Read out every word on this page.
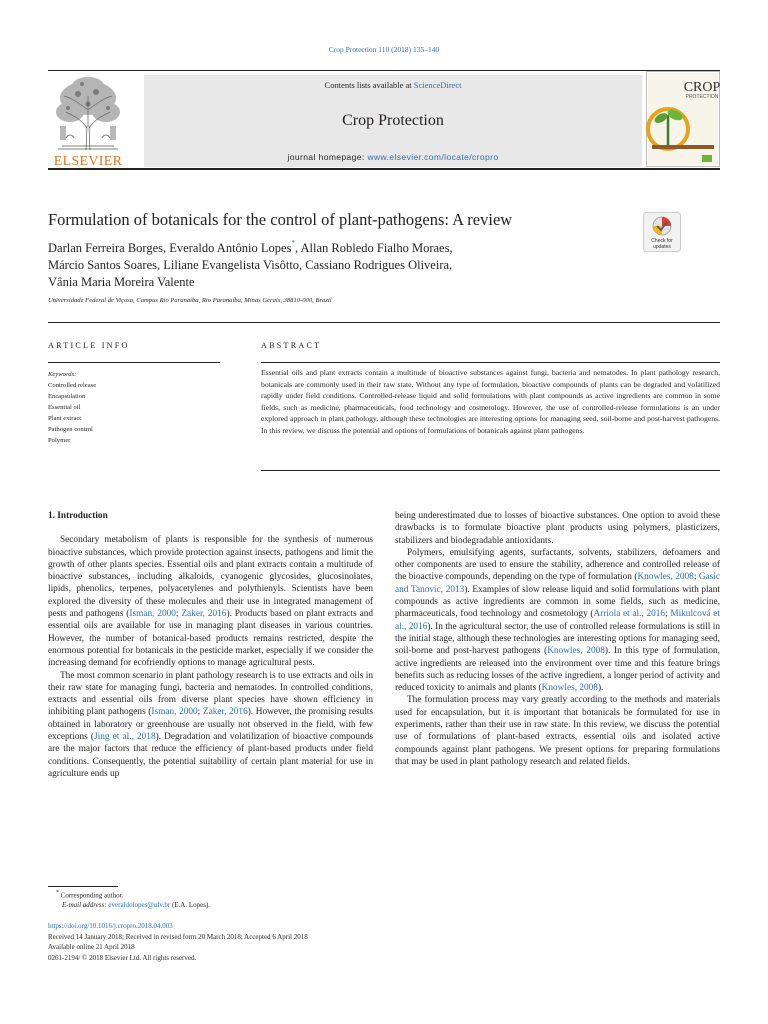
Crop Protection 110 (2018) 135–140
ELSEVIER
Contents lists available at ScienceDirect
Crop Protection
journal homepage: www.elsevier.com/locate/cropro
CROP
PROTECTION
Formulation of botanicals for the control of plant-pathogens: A review
Check for
updates
Darlan Ferreira Borges, Everaldo Antônio Lopes*, Allan Robledo Fialho Moraes,
Márcio Santos Soares, Liliane Evangelista Visôtto, Cassiano Rodrigues Oliveira,
Vânia Maria Moreira Valente
Universidade Federal de Viçosa, Campus Rio Paranaíba, Rio Paranaíba, Minas Gerais, 38810-000, Brazil
ARTICLE INFO	ABSTRACT
Keywords:
Controlled release
Encapsulation
Essential oil
Plant extract
Pathogen control
Polymer
Essential oils and plant extracts contain a multitude of bioactive substances against fungi, bacteria and nematodes. In plant pathology research, botanicals are commonly used in their raw state. Without any type of formulation, bioactive compounds of plants can be degraded and volatilized rapidly under field conditions. Controlled-release liquid and solid formulations with plant compounds as active ingredients are common in some fields, such as medicine, pharmaceuticals, food technology and cosmetology. However, the use of controlled-release formulations is an under explored approach in plant pathology, although these technologies are interesting options for managing seed, soil-borne and post-harvest pathogens. In this review, we discuss the potential and options of formulations of botanicals against plant pathogens.
1. Introduction

Secondary metabolism of plants is responsible for the synthesis of numerous bioactive substances, which provide protection against insects, pathogens and limit the growth of other plants species. Essential oils and plant extracts contain a multitude of bioactive substances, including alkaloids, cyanogenic glycosides, glucosinolates, lipids, phenolics, terpenes, polyacetylenes and polythienyls. Scientists have been explored the diversity of these molecules and their use in integrated management of pests and pathogens (Isman, 2000; Zaker, 2016). Products based on plant extracts and essential oils are available for use in managing plant diseases in various countries. However, the number of botanical-based products remains restricted, despite the enormous potential for botanicals in the pesticide market, especially if we consider the increasing demand for ecofriendly options to manage agricultural pests.

The most common scenario in plant pathology research is to use extracts and oils in their raw state for managing fungi, bacteria and nematodes. In controlled conditions, extracts and essential oils from diverse plant species have shown efficiency in inhibiting plant pathogens (Isman, 2000; Zaker, 2016). However, the promising results obtained in laboratory or greenhouse are usually not observed in the field, with few exceptions (Jing et al., 2018). Degradation and volatilization of bioactive compounds are the major factors that reduce the efficiency of plant-based products under field conditions. Consequently, the potential suitability of certain plant material for use in agriculture ends up

being underestimated due to losses of bioactive substances. One option to avoid these drawbacks is to formulate bioactive plant products using polymers, plasticizers, stabilizers and biodegradable antioxidants.

Polymers, emulsifying agents, surfactants, solvents, stabilizers, defoamers and other components are used to ensure the stability, adherence and controlled release of the bioactive compounds, depending on the type of formulation (Knowles, 2008; Gasic and Tanovic, 2013). Examples of slow release liquid and solid formulations with plant compounds as active ingredients are common in some fields, such as medicine, pharmaceuticals, food technology and cosmetology (Arriola et al., 2016; Mikulcová et al., 2016). In the agricultural sector, the use of controlled release formulations is still in the initial stage, although these technologies are interesting options for managing seed, soil-borne and post-harvest pathogens (Knowles, 2008). In this type of formulation, active ingredients are released into the environment over time and this feature brings benefits such as reducing losses of the active ingredient, a longer period of activity and reduced toxicity to animals and plants (Knowles, 2008).

The formulation process may vary greatly according to the methods and materials used for encapsulation, but it is important that botanicals be formulated for use in experiments, rather than their use in raw state. In this review, we discuss the potential use of formulations of plant-based extracts, essential oils and isolated active compounds against plant pathogens. We present options for preparing formulations that may be used in plant pathology research and related fields.

* Corresponding author.
E-mail address: everaldolopes@ufv.br (E.A. Lopes).
https://doi.org/10.1016/j.cropro.2018.04.003
Received 14 January 2018; Received in revised form 20 March 2018; Accepted 6 April 2018
Available online 21 April 2018
0261-2194/ © 2018 Elsevier Ltd. All rights reserved.
